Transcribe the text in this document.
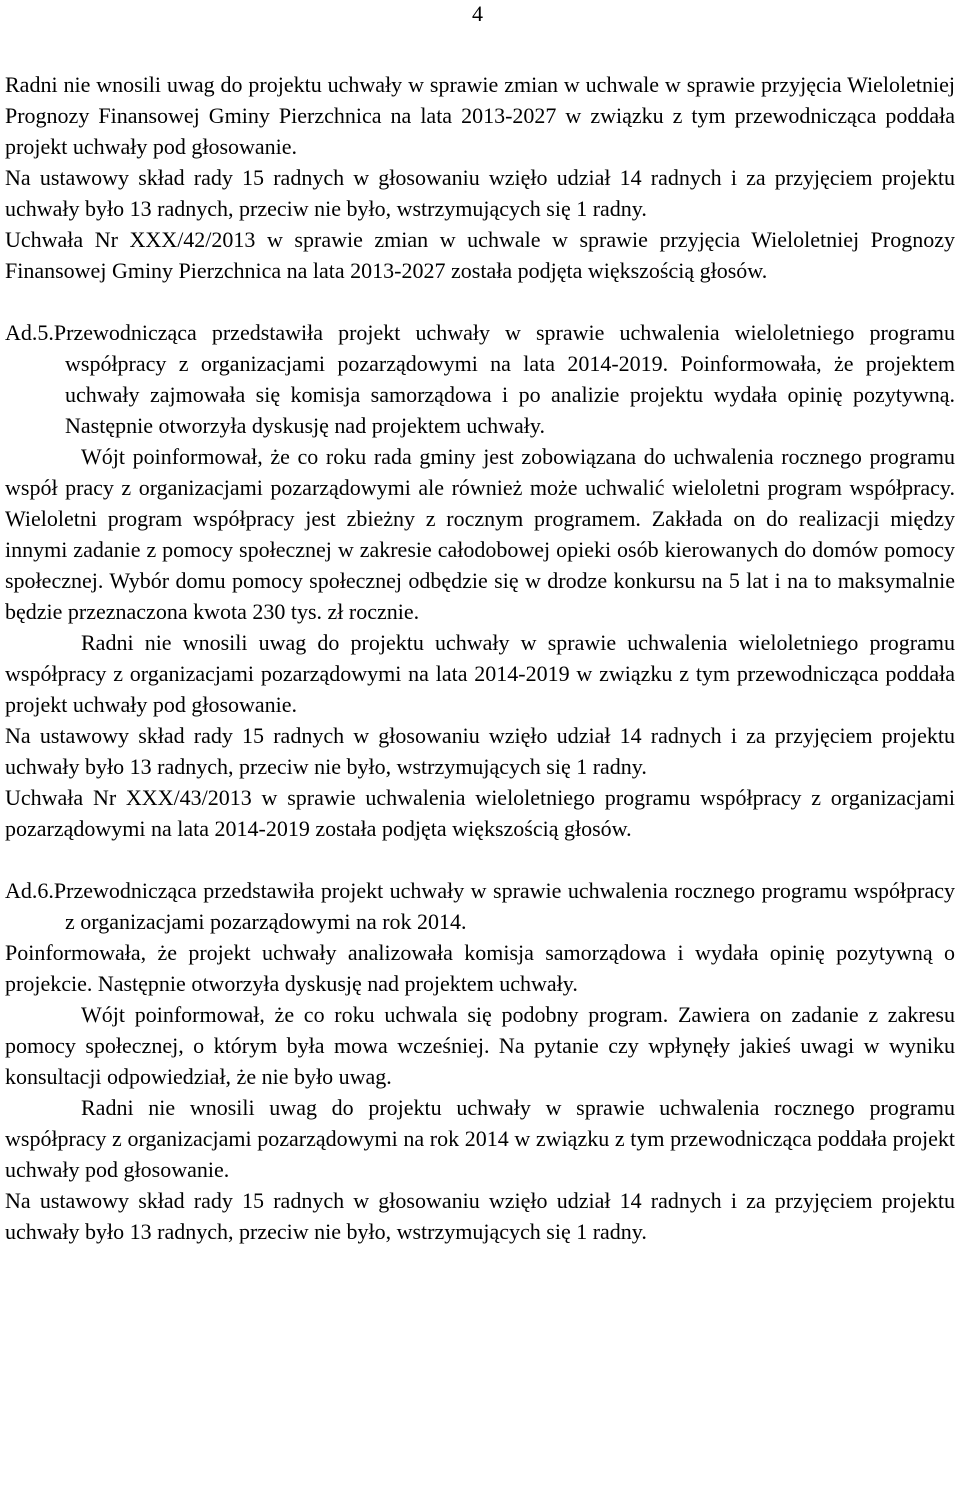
4

Radni nie wnosili uwag do projektu uchwały w sprawie zmian w uchwale w sprawie przyjęcia Wieloletniej Prognozy Finansowej Gminy Pierzchnica na lata 2013-2027 w związku z tym przewodnicząca poddała projekt uchwały pod głosowanie.

Na ustawowy skład rady 15 radnych w głosowaniu wzięło udział 14 radnych i za przyjęciem projektu uchwały było 13 radnych, przeciw nie było, wstrzymujących się 1 radny.

Uchwała Nr XXX/42/2013 w sprawie zmian w uchwale w sprawie przyjęcia Wieloletniej Prognozy Finansowej Gminy Pierzchnica na lata 2013-2027 została podjęta większością głosów.

Ad.5.Przewodnicząca przedstawiła projekt uchwały w sprawie uchwalenia wieloletniego programu współpracy z organizacjami pozarządowymi na lata 2014-2019. Poinformowała, że projektem uchwały zajmowała się komisja samorządowa i po analizie projektu wydała opinię pozytywną. Następnie otworzyła dyskusję nad projektem uchwały.

Wójt poinformował, że co roku rada gminy jest zobowiązana do uchwalenia rocznego programu współ pracy z organizacjami pozarządowymi ale również może uchwalić wieloletni program współpracy. Wieloletni program współpracy jest zbieżny z rocznym programem. Zakłada on do realizacji między innymi zadanie z pomocy społecznej w zakresie całodobowej opieki osób kierowanych do domów pomocy społecznej. Wybór domu pomocy społecznej odbędzie się w drodze konkursu na 5 lat i na to maksymalnie będzie przeznaczona kwota 230 tys. zł rocznie.

Radni nie wnosili uwag do projektu uchwały w sprawie uchwalenia wieloletniego programu współpracy z organizacjami pozarządowymi na lata 2014-2019 w związku z tym przewodnicząca poddała projekt uchwały pod głosowanie.

Na ustawowy skład rady 15 radnych w głosowaniu wzięło udział 14 radnych i za przyjęciem projektu uchwały było 13 radnych, przeciw nie było, wstrzymujących się 1 radny.

Uchwała Nr XXX/43/2013 w sprawie uchwalenia wieloletniego programu współpracy z organizacjami pozarządowymi na lata 2014-2019 została podjęta większością głosów.

Ad.6.Przewodnicząca przedstawiła projekt uchwały w sprawie uchwalenia rocznego programu współpracy z organizacjami pozarządowymi na rok 2014.

Poinformowała, że projekt uchwały analizowała komisja samorządowa i wydała opinię pozytywną o projekcie. Następnie otworzyła dyskusję nad projektem uchwały.

Wójt poinformował, że co roku uchwala się podobny program. Zawiera on zadanie z zakresu pomocy społecznej, o którym była mowa wcześniej. Na pytanie czy wpłynęły jakieś uwagi w wyniku konsultacji odpowiedział, że nie było uwag.

Radni nie wnosili uwag do projektu uchwały w sprawie uchwalenia rocznego programu współpracy z organizacjami pozarządowymi na rok 2014 w związku z tym przewodnicząca poddała projekt uchwały pod głosowanie.

Na ustawowy skład rady 15 radnych w głosowaniu wzięło udział 14 radnych i za przyjęciem projektu uchwały było 13 radnych, przeciw nie było, wstrzymujących się 1 radny.
